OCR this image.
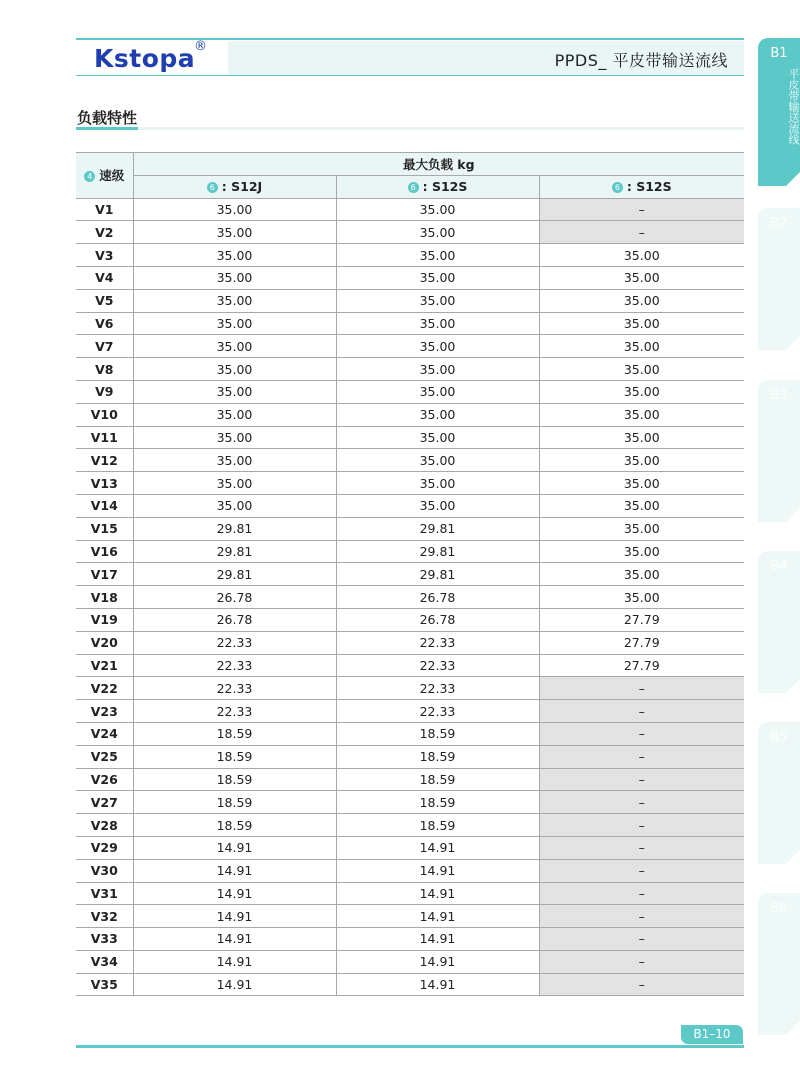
Kstopa
®
PPDS_ 平皮带输送流线
负载特性
4 速级	最大负载 kg		
	6 : S12J	6 : S12S	6 : S12S
V1	35.00	35.00	–
V2	35.00	35.00	–
V3	35.00	35.00	35.00
V4	35.00	35.00	35.00
V5	35.00	35.00	35.00
V6	35.00	35.00	35.00
V7	35.00	35.00	35.00
V8	35.00	35.00	35.00
V9	35.00	35.00	35.00
V10	35.00	35.00	35.00
V11	35.00	35.00	35.00
V12	35.00	35.00	35.00
V13	35.00	35.00	35.00
V14	35.00	35.00	35.00
V15	29.81	29.81	35.00
V16	29.81	29.81	35.00
V17	29.81	29.81	35.00
V18	26.78	26.78	35.00
V19	26.78	26.78	27.79
V20	22.33	22.33	27.79
V21	22.33	22.33	27.79
V22	22.33	22.33	–
V23	22.33	22.33	–
V24	18.59	18.59	–
V25	18.59	18.59	–
V26	18.59	18.59	–
V27	18.59	18.59	–
V28	18.59	18.59	–
V29	14.91	14.91	–
V30	14.91	14.91	–
V31	14.91	14.91	–
V32	14.91	14.91	–
V33	14.91	14.91	–
V34	14.91	14.91	–
V35	14.91	14.91	–
B1–10
B1
平皮带输送流线
B2
B3
B4
B5
B6
